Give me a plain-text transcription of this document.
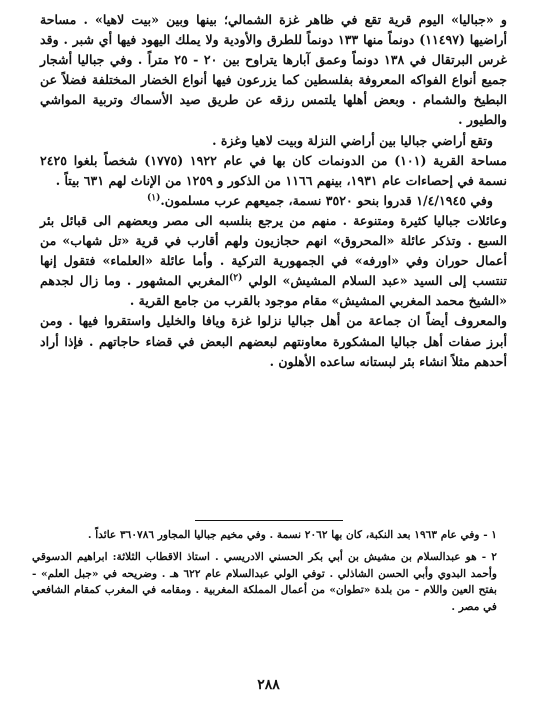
و «جباليا» اليوم قرية تقع في ظاهر غزة الشمالي؛ بينها وبين «بيت لاهيا» . مساحة أراضيها (١١٤٩٧) دونماً منها ١٣٣ دونماً للطرق والأودية ولا يملك اليهود فيها أي شبر . وقد غرس البرتقال في ١٣٨ دونماً وعمق آبارها يتراوح بين ٢٠ - ٢٥ متراً . وفي جباليا أشجار جميع أنواع الفواكه المعروفة بفلسطين كما يزرعون فيها أنواع الخضار المختلفة فضلاً عن البطيخ والشمام . وبعض أهلها يلتمس رزقه عن طريق صيد الأسماك وتربية المواشي والطيور .

وتقع أراضي جباليا بين أراضي النزلة وبيت لاهيا وغزة .

مساحة القرية (١٠١) من الدونمات كان بها في عام ١٩٢٢ (١٧٧٥) شخصاً بلغوا ٢٤٢٥ نسمة في إحصاءات عام ١٩٣١، بينهم ١١٦٦ من الذكور و ١٢٥٩ من الإناث لهم ٦٣١ بيتاً .

وفي ١/٤/١٩٤٥ قدروا بنحو ٣٥٢٠ نسمة، جميعهم عرب مسلمون.$^{(١)}$

وعائلات جباليا كثيرة ومتنوعة . منهم من يرجع بنلسبه الى مصر وبعضهم الى قبائل بئر السبع . وتذكر عائلة «المحروق» انهم حجازيون ولهم أقارب في قرية «تل شهاب» من أعمال حوران وفي «اورفه» في الجمهورية التركية . وأما عائلة «العلماء» فتقول إنها تنتسب إلى السيد «عبد السلام المشيش» الولي $^{(٢)}$المغربي المشهور . وما زال لجدهم «الشيخ محمد المغربي المشيش» مقام موجود بالقرب من جامع القرية .

والمعروف أيضاً ان جماعة من أهل جباليا نزلوا غزة ويافا والخليل واستقروا فيها . ومن أبرز صفات أهل جباليا المشكورة معاونتهم لبعضهم البعض في قضاء حاجاتهم . فإذا أراد أحدهم مثلاً انشاء بئر لبستانه ساعده الأهلون .

١ - وفي عام ١٩٦٣ بعد النكبة، كان بها ٢٠٦٢ نسمة . وفي مخيم جباليا المجاور ٣٦٠٧٨٦ عائداً .

٢ - هو عبدالسلام بن مشيش بن أبي بكر الحسني الادريسي . استاذ الاقطاب الثلاثة: ابراهيم الدسوقي وأحمد البدوي وأبي الحسن الشاذلي . توفي الولي عبدالسلام عام ٦٢٢ هـ . وضريحه في «جبل العلم» - بفتح العين واللام - من بلدة «تطوان» من أعمال المملكة المغربية . ومقامه في المغرب كمقام الشافعي في مصر .

٢٨٨
